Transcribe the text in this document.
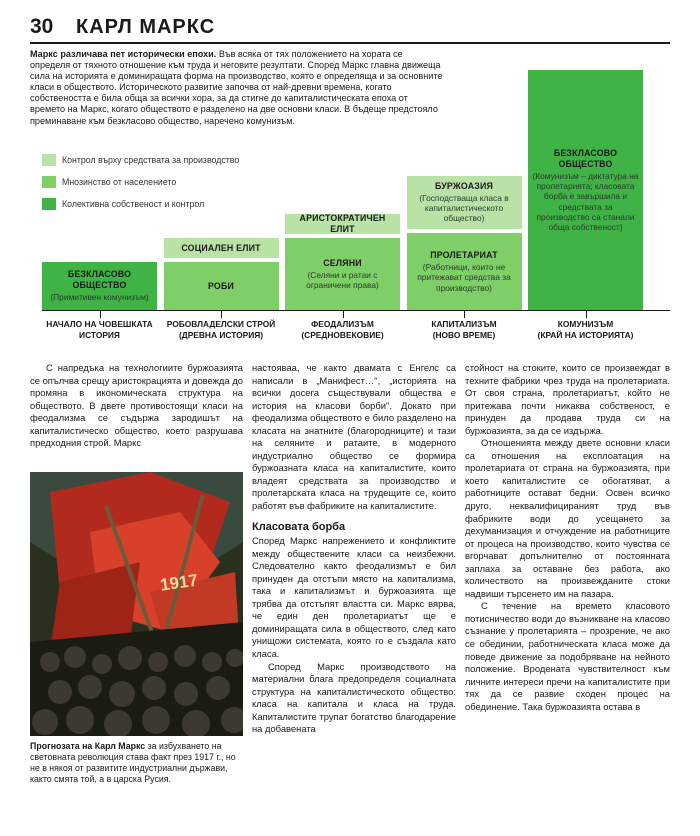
30 КАРЛ МАРКС
Маркс различава пет исторически епохи. Във всяка от тях положението на хората се определя от тяхното отношение към труда и неговите резултати. Според Маркс главна движеща сила на историята е доминиращата форма на производство, която е определяща и за основните класи в обществото. Историческото развитие започва от най-древни времена, когато собствеността е била обща за всички хора, за да стигне до капиталистическата епоха от времето на Маркс, когато обществото е разделено на две основни класи. В бъдеще предстояло преминаване към безкласово общество, наречено комунизъм.
Контрол върху средствата за производство
Мнозинство от населението
Колективна собственост и контрол
БЕЗКЛАСОВО ОБЩЕСТВО
(Примитивен комунизъм)
НАЧАЛО НА ЧОВЕШКАТА
ИСТОРИЯ
СОЦИАЛЕН ЕЛИТ
РОБИ
РОБОВЛАДЕЛСКИ СТРОЙ
(ДРЕВНА ИСТОРИЯ)
АРИСТОКРАТИЧЕН ЕЛИТ
СЕЛЯНИ
(Селяни и ратаи с ограничени права)
ФЕОДАЛИЗЪМ
(СРЕДНОВЕКОВИЕ)
БУРЖОАЗИЯ
(Господстваща класа в капиталистическото общество)
ПРОЛЕТАРИАТ
(Работници, които не притежават средства за производство)
КАПИТАЛИЗЪМ
(НОВО ВРЕМЕ)
БЕЗКЛАСОВО ОБЩЕСТВО
(Комунизъм – диктатура на пролетарията; класовата борба е завършила и средствата за производство са станали обща собственост)
КОМУНИЗЪМ
(КРАЙ НА ИСТОРИЯТА)

С напредъка на технологиите буржоазията се опълчва срещу аристокрацията и довежда до промяна в икономическата структура на обществото. В двете противостоящи класи на феодализма се съдържа зародишът на капиталистическо общество, което разрушава предходния строй. Маркс

1917
Прогнозата на Карл Маркс за избухването на световната революция става факт през 1917 г., но не в някоя от развитите индустриални държави, както смята той, а в царска Русия.

настояваа, че както двамата с Енгелс са написали в „Манифест…", „историята на всички досега съществували общества е история на класови борби". Докато при феодализма обществото е било разделено на класата на знатните (благородниците) и тази на селяните и ратаите, в модерното индустриално общество се формира буржоазната класа на капиталистите, които владеят средствата за производство и пролетарската класа на трудещите се, които работят във фабриките на капиталистите.

Класовата борба

Според Маркс напрежението и конфликтите между обществените класи са неизбежни. Следователно както феодализмът е бил принуден да отстъпи място на капитализма, така и капитализмът и буржоазията ще трябва да отстъпят властта си. Маркс вярва, че един ден пролетариатът ще е доминиращата сила в обществото, след като унищожи системата, която го е създала като класа.

Според Маркс производството на материални блага предопределя социалната структура на капиталистическото общество: класа на капитала и класа на труда. Капиталистите трупат богатство благодарение на добавената

стойност на стоките, които се произвеждат в техните фабрики чрез труда на пролетариата. От своя страна, пролетариатът, който не притежава почти никаква собственост, е принуден да продава труда си на буржоазията, за да се издържа.

Отношенията между двете основни класи са отношения на експлоатация на пролетариата от страна на буржоазията, при което капиталистите се обогатяват, а работниците остават бедни. Освен всичко друго, неквалифицираният труд във фабриките води до усещането за дехуманизация и отчуждение на работниците от процеса на производство, които чувства се вгорчават допълнително от постоянната заплаха за оставане без работа, ако количеството на произвежданите стоки надвиши търсенето им на пазара.

С течение на времето класовото потисничество води до възникване на класово съзнание у пролетарията – прозрение, че ако се обединии, работническата класа може да поведе движение за подобряване на нейното положение. Вродената чувствителност към личните интереси пречи на капиталистите при тях да се развие сходен процес на обединение. Така буржоазията остава в
